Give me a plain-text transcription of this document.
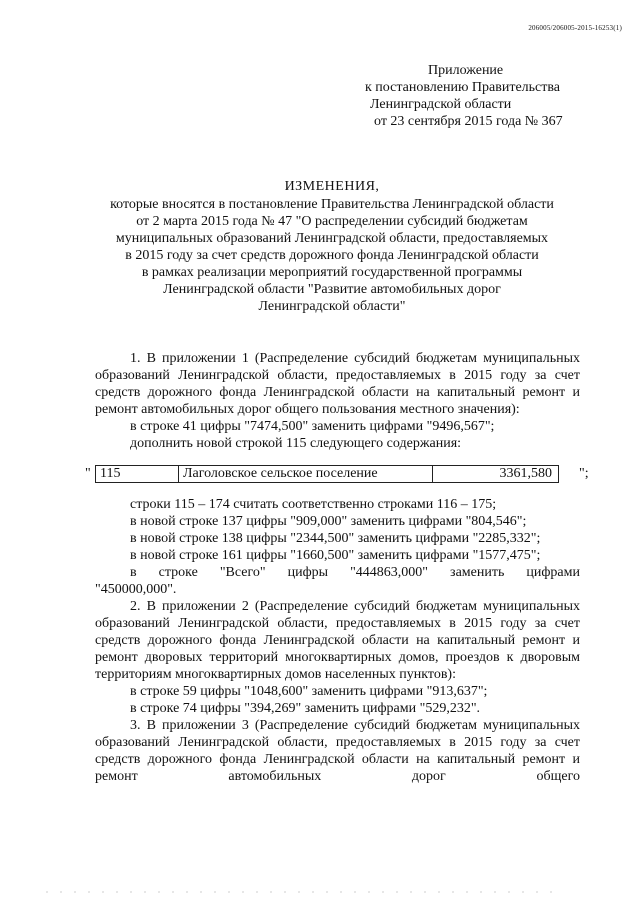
206005/206005-2015-16253(1)
Приложение
к постановлению Правительства
Ленинградской области
от 23 сентября 2015 года № 367
ИЗМЕНЕНИЯ,
которые вносятся в постановление Правительства Ленинградской области
от 2 марта 2015 года № 47 "О распределении субсидий бюджетам
муниципальных образований Ленинградской области, предоставляемых
в 2015 году за счет средств дорожного фонда Ленинградской области
в рамках реализации мероприятий государственной программы
Ленинградской области "Развитие автомобильных дорог
Ленинградской области"
1. В приложении 1 (Распределение субсидий бюджетам муниципальных образований Ленинградской области, предоставляемых в 2015 году за счет средств дорожного фонда Ленинградской области на капитальный ремонт и ремонт автомобильных дорог общего пользования местного значения):
в строке 41 цифры "7474,500" заменить цифрами "9496,567";
дополнить новой строкой 115 следующего содержания:
" 115	Лаголовское сельское поселение	3361,580 ";
строки 115 – 174 считать соответственно строками 116 – 175;
в новой строке 137 цифры "909,000" заменить цифрами "804,546";
в новой строке 138 цифры "2344,500" заменить цифрами "2285,332";
в новой строке 161 цифры "1660,500" заменить цифрами "1577,475";
в строке "Всего" цифры "444863,000" заменить цифрами
"450000,000".
2. В приложении 2 (Распределение субсидий бюджетам муниципальных образований Ленинградской области, предоставляемых в 2015 году за счет средств дорожного фонда Ленинградской области на капитальный ремонт и ремонт дворовых территорий многоквартирных домов, проездов к дворовым территориям многоквартирных домов населенных пунктов):
в строке 59 цифры "1048,600" заменить цифрами "913,637";
в строке 74 цифры "394,269" заменить цифрами "529,232".
3. В приложении 3 (Распределение субсидий бюджетам муниципальных образований Ленинградской области, предоставляемых в 2015 году за счет средств дорожного фонда Ленинградской области на капитальный ремонт и ремонт автомобильных дорог общего
